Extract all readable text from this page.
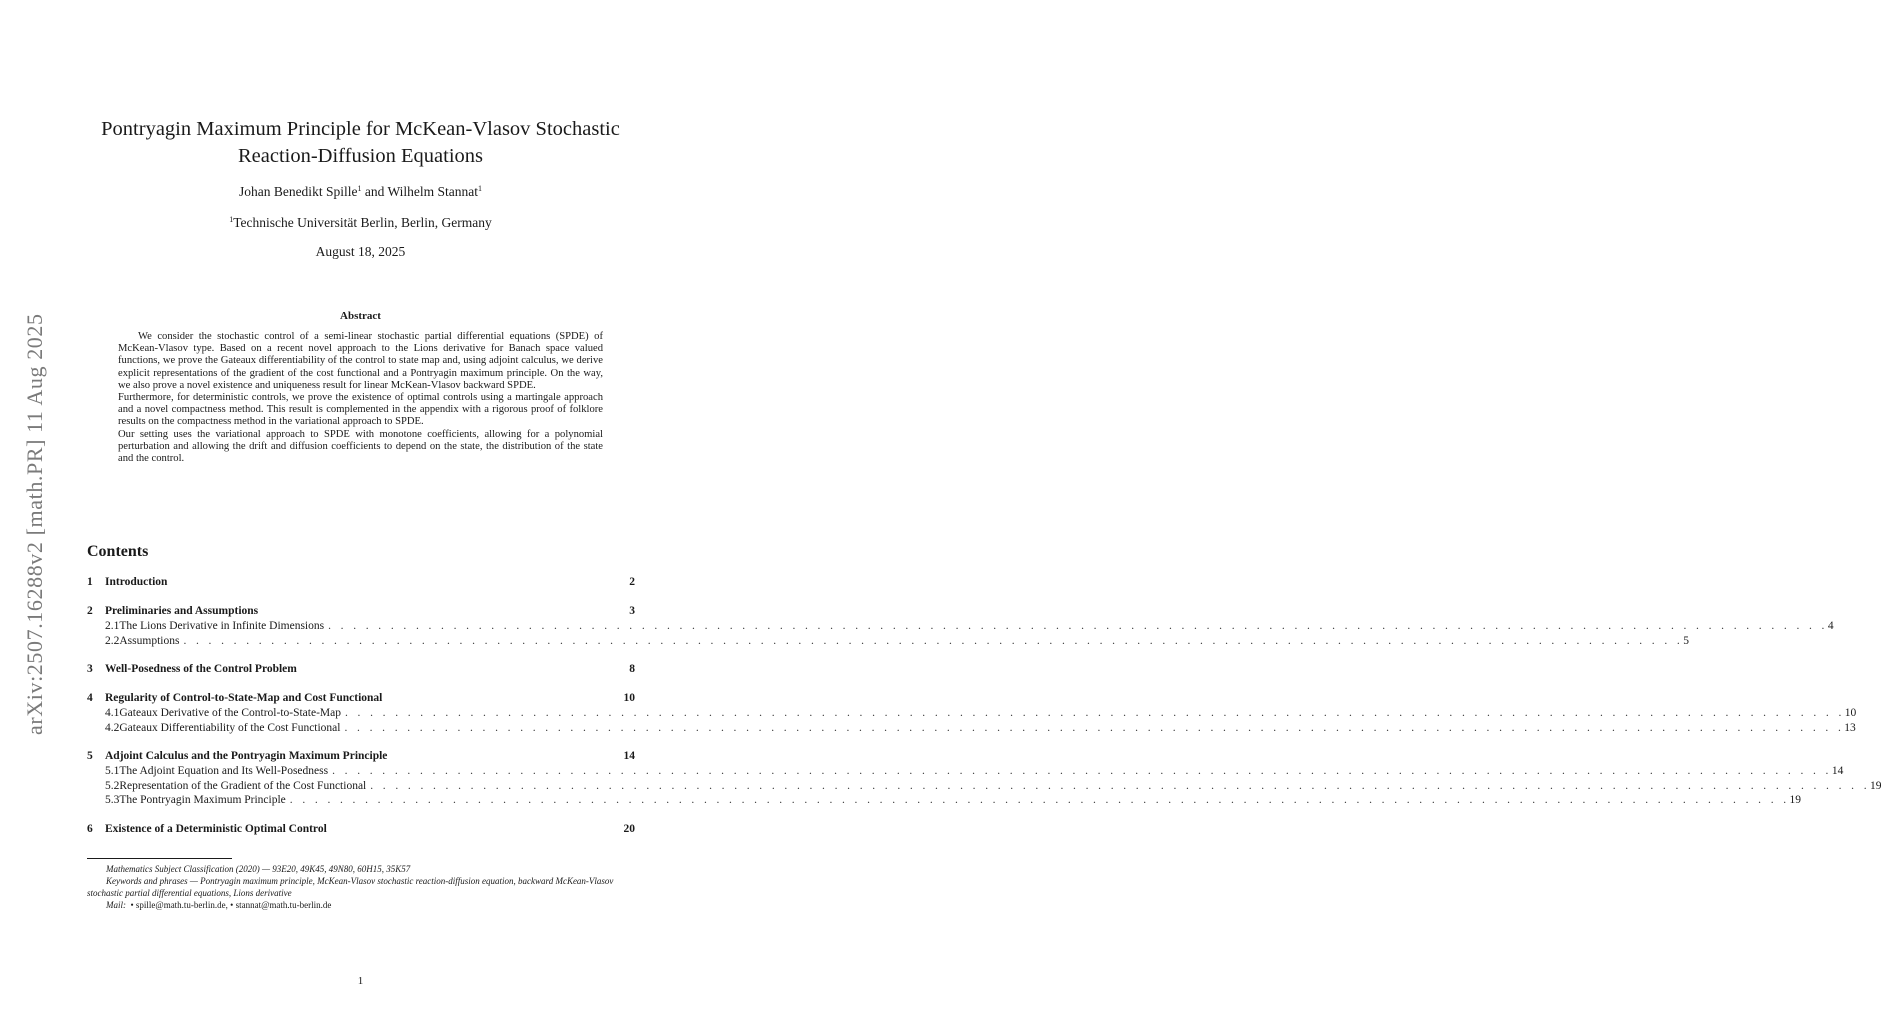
arXiv:2507.16288v2 [math.PR] 11 Aug 2025
Pontryagin Maximum Principle for McKean-Vlasov Stochastic
Reaction-Diffusion Equations
Johan Benedikt Spille$^1$ and Wilhelm Stannat$^1$
$^1$Technische Universität Berlin, Berlin, Germany
August 18, 2025
Abstract

We consider the stochastic control of a semi-linear stochastic partial differential equations (SPDE) of McKean-Vlasov type. Based on a recent novel approach to the Lions derivative for Banach space valued functions, we prove the Gateaux differentiability of the control to state map and, using adjoint calculus, we derive explicit representations of the gradient of the cost functional and a Pontryagin maximum principle. On the way, we also prove a novel existence and uniqueness result for linear McKean-Vlasov backward SPDE.

Furthermore, for deterministic controls, we prove the existence of optimal controls using a martingale approach and a novel compactness method. This result is complemented in the appendix with a rigorous proof of folklore results on the compactness method in the variational approach to SPDE.

Our setting uses the variational approach to SPDE with monotone coefficients, allowing for a polynomial perturbation and allowing the drift and diffusion coefficients to depend on the state, the distribution of the state and the control.

Contents
1	Introduction	2
2	Preliminaries and Assumptions	3
2.1 The Lions Derivative in Infinite Dimensions . . . . . . . . . . . . . . . . . . . . . . . . . . . . . . . . . . . . . . . . . . . . . . . . . . . . . . . . . . . . . . . . . . . . . . . . . . . . . . . . . . . . . . . . . . . . . . . . . . . . . . . . . . . . . . . . . . . . . . . . 4
2.2 Assumptions . . . . . . . . . . . . . . . . . . . . . . . . . . . . . . . . . . . . . . . . . . . . . . . . . . . . . . . . . . . . . . . . . . . . . . . . . . . . . . . . . . . . . . . . . . . . . . . . . . . . . . . . . . . . . . . . . . . . . . . . 5
3	Well-Posedness of the Control Problem	8
4	Regularity of Control-to-State-Map and Cost Functional	10
4.1 Gateaux Derivative of the Control-to-State-Map . . . . . . . . . . . . . . . . . . . . . . . . . . . . . . . . . . . . . . . . . . . . . . . . . . . . . . . . . . . . . . . . . . . . . . . . . . . . . . . . . . . . . . . . . . . . . . . . . . . . . . . . . . . . . . . . . . . . . . . . 10
4.2 Gateaux Differentiability of the Cost Functional . . . . . . . . . . . . . . . . . . . . . . . . . . . . . . . . . . . . . . . . . . . . . . . . . . . . . . . . . . . . . . . . . . . . . . . . . . . . . . . . . . . . . . . . . . . . . . . . . . . . . . . . . . . . . . . . . . . . . . . . 13
5	Adjoint Calculus and the Pontryagin Maximum Principle	14
5.1 The Adjoint Equation and Its Well-Posedness . . . . . . . . . . . . . . . . . . . . . . . . . . . . . . . . . . . . . . . . . . . . . . . . . . . . . . . . . . . . . . . . . . . . . . . . . . . . . . . . . . . . . . . . . . . . . . . . . . . . . . . . . . . . . . . . . . . . . . . . 14
5.2 Representation of the Gradient of the Cost Functional . . . . . . . . . . . . . . . . . . . . . . . . . . . . . . . . . . . . . . . . . . . . . . . . . . . . . . . . . . . . . . . . . . . . . . . . . . . . . . . . . . . . . . . . . . . . . . . . . . . . . . . . . . . . . . . . . . . . . . . . 19
5.3 The Pontryagin Maximum Principle . . . . . . . . . . . . . . . . . . . . . . . . . . . . . . . . . . . . . . . . . . . . . . . . . . . . . . . . . . . . . . . . . . . . . . . . . . . . . . . . . . . . . . . . . . . . . . . . . . . . . . . . . . . . . . . . . . . . . . . . 19
6	Existence of a Deterministic Optimal Control	20

Mathematics Subject Classification (2020) — 93E20, 49K45, 49N80, 60H15, 35K57

Keywords and phrases — Pontryagin maximum principle, McKean-Vlasov stochastic reaction-diffusion equation, backward McKean-Vlasov stochastic partial differential equations, Lions derivative

Mail: • spille@math.tu-berlin.de, • stannat@math.tu-berlin.de

1
